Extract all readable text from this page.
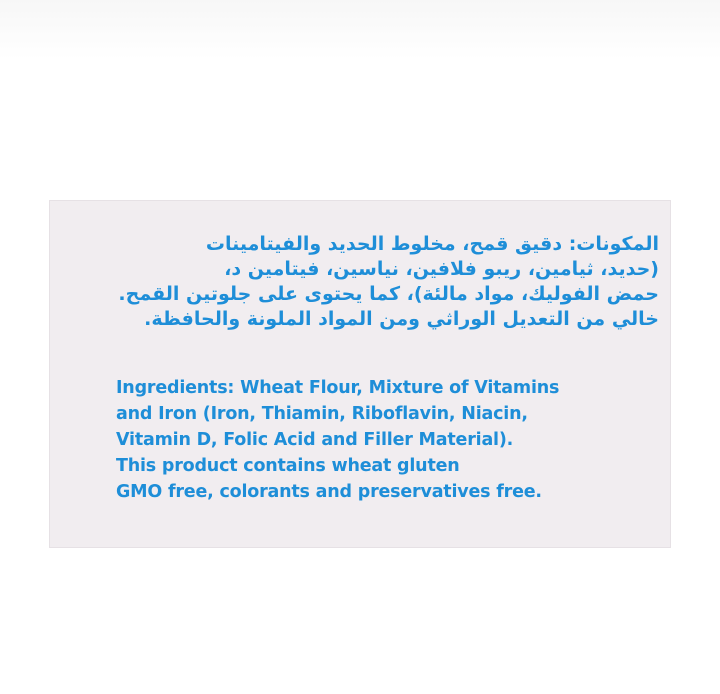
المكونات: دقيق قمح، مخلوط الحديد والفيتامينات
(حديد، ثيامين، ريبو فلافين، نياسين، فيتامين د،
حمض الفوليك، مواد مالئة)، كما يحتوى على جلوتين القمح.
خالي من التعديل الوراثي ومن المواد الملونة والحافظة.
Ingredients: Wheat Flour, Mixture of Vitamins
and Iron (Iron, Thiamin, Riboflavin, Niacin,
Vitamin D, Folic Acid and Filler Material).
This product contains wheat gluten
GMO free, colorants and preservatives free.
